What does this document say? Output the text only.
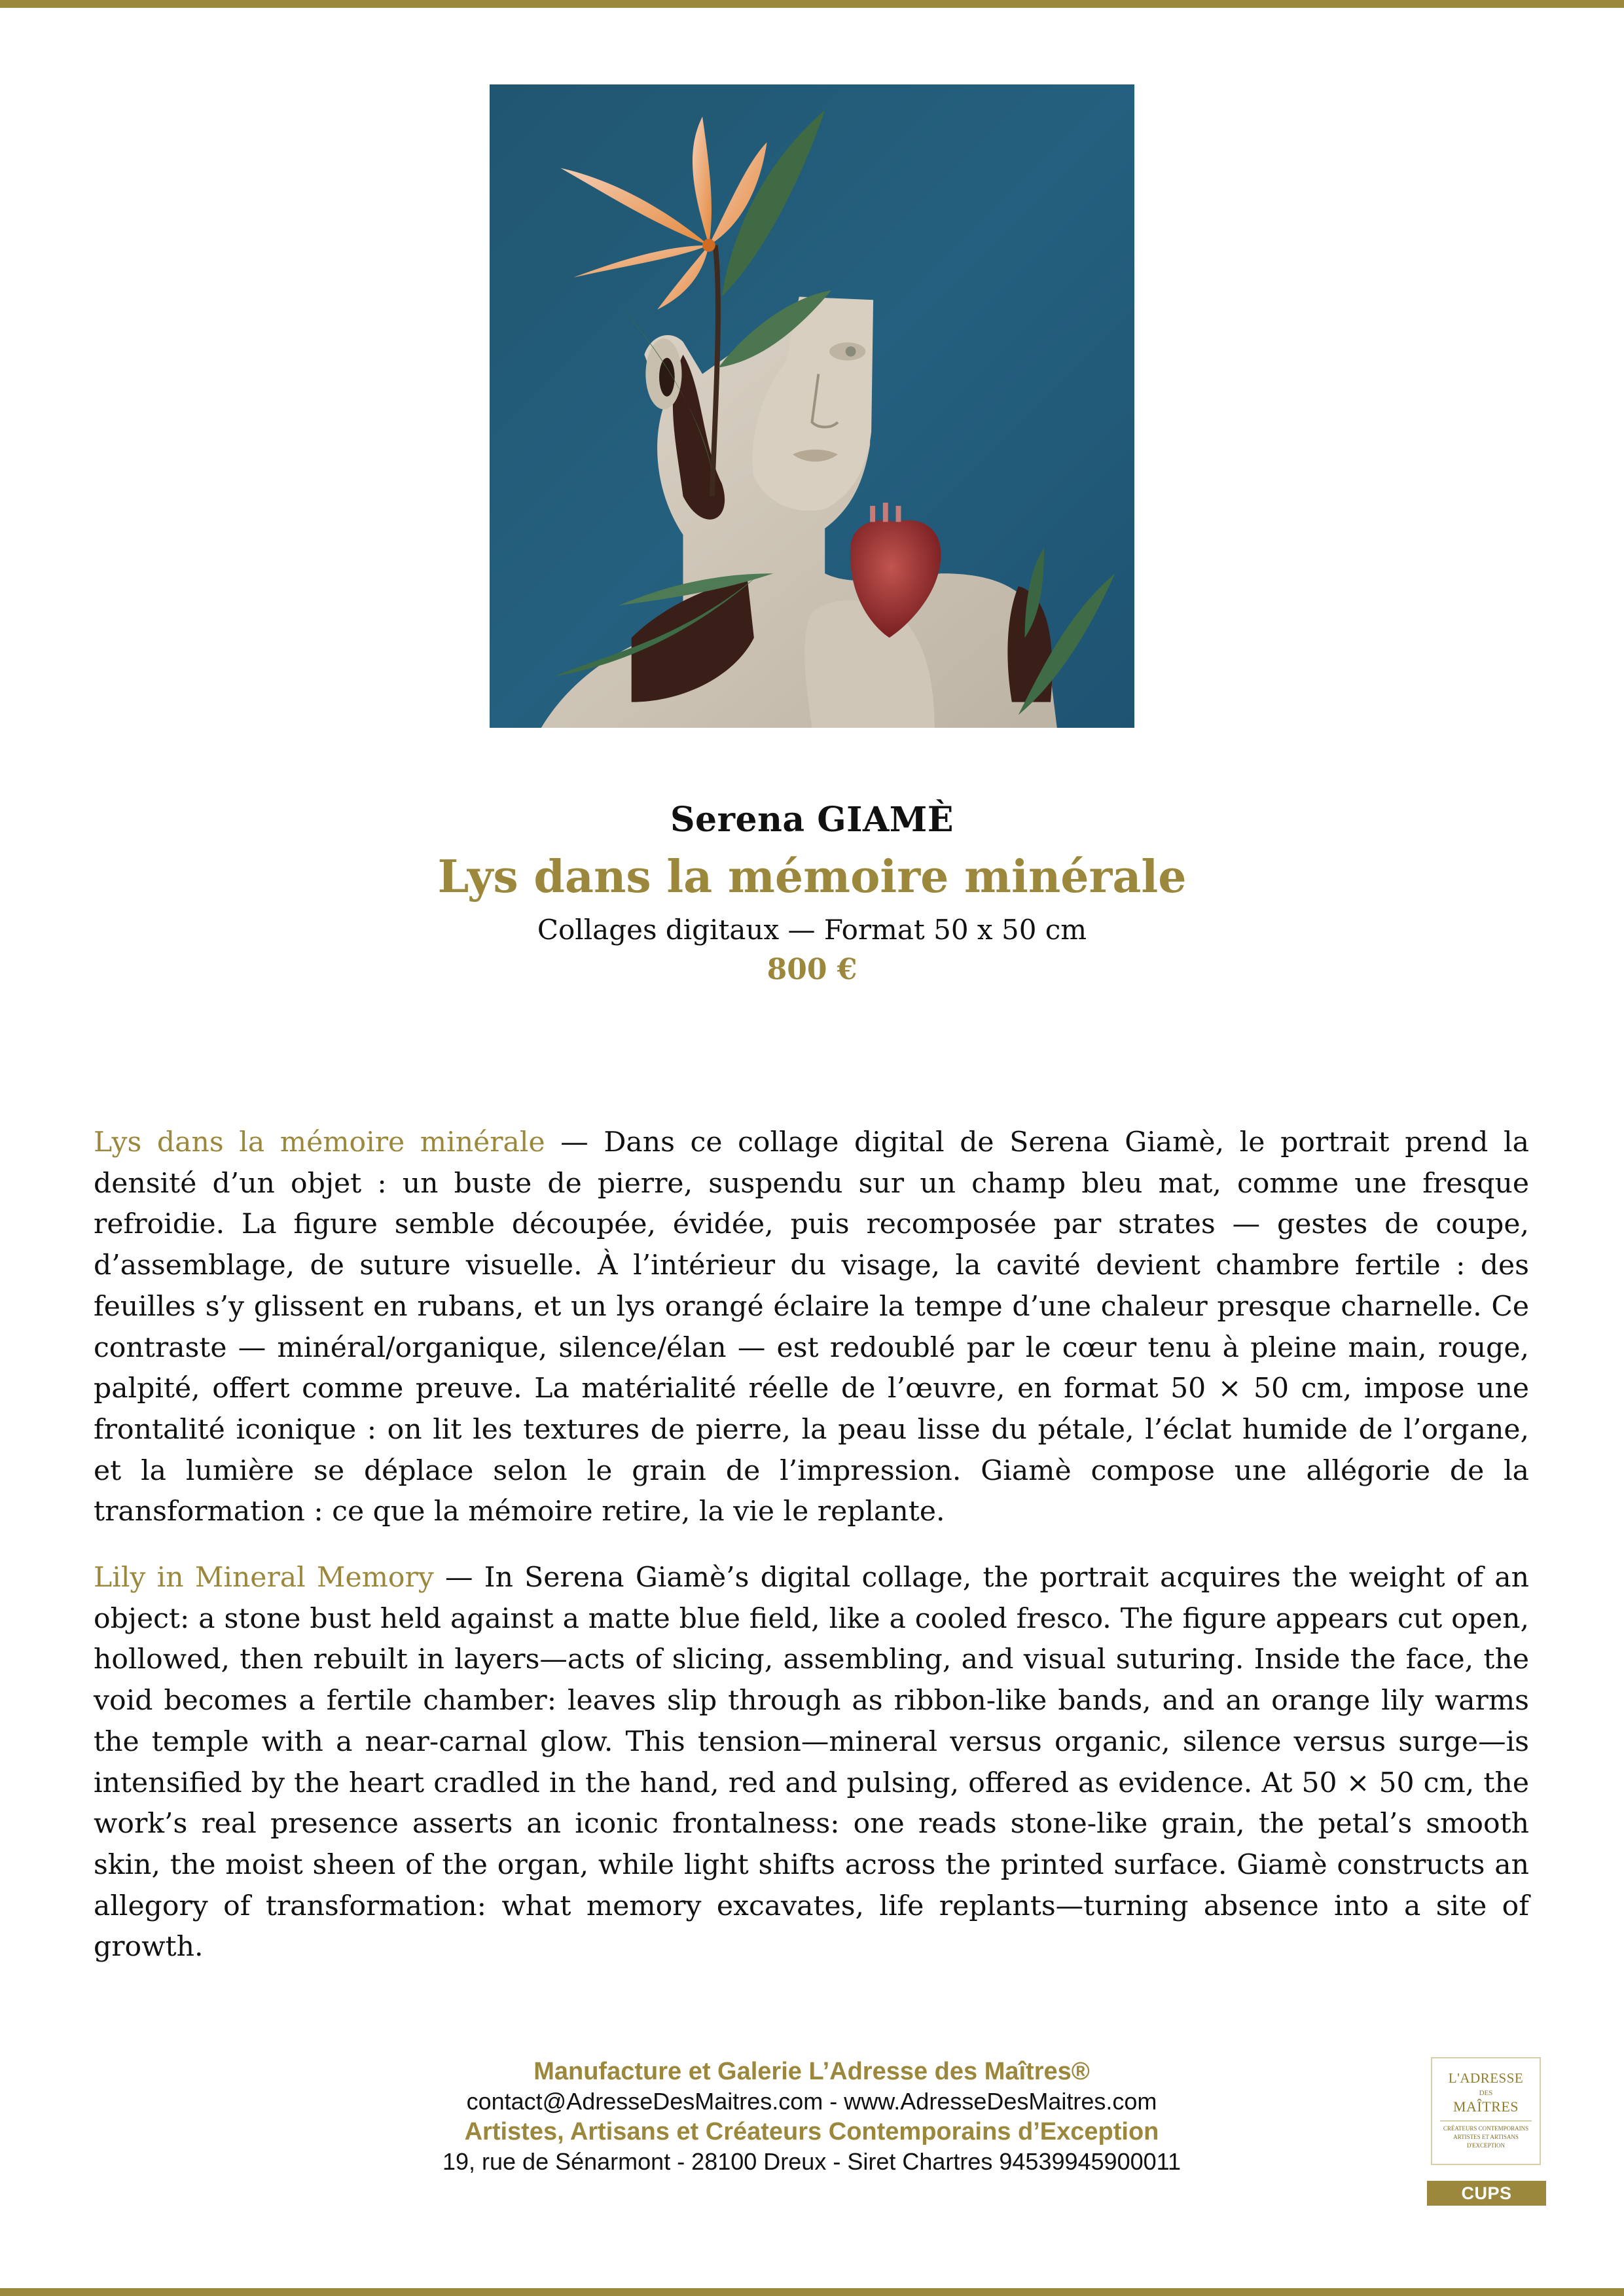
Serena GIAMÈ
Lys dans la mémoire minérale
Collages digitaux — Format 50 x 50 cm
800 €

Lys dans la mémoire minérale — Dans ce collage digital de Serena Giamè, le portrait prend la densité d’un objet : un buste de pierre, suspendu sur un champ bleu mat, comme une fresque refroidie. La figure semble découpée, évidée, puis recomposée par strates — gestes de coupe, d’assemblage, de suture visuelle. À l’intérieur du visage, la cavité devient chambre fertile : des feuilles s’y glissent en rubans, et un lys orangé éclaire la tempe d’une chaleur presque charnelle. Ce contraste — minéral/organique, silence/élan — est redoublé par le cœur tenu à pleine main, rouge, palpité, offert comme preuve. La matérialité réelle de l’œuvre, en format 50 × 50 cm, impose une frontalité iconique : on lit les textures de pierre, la peau lisse du pétale, l’éclat humide de l’organe, et la lumière se déplace selon le grain de l’impression. Giamè compose une allégorie de la transformation : ce que la mémoire retire, la vie le replante.

Lily in Mineral Memory — In Serena Giamè’s digital collage, the portrait acquires the weight of an object: a stone bust held against a matte blue field, like a cooled fresco. The figure appears cut open, hollowed, then rebuilt in layers—acts of slicing, assembling, and visual suturing. Inside the face, the void becomes a fertile chamber: leaves slip through as ribbon-like bands, and an orange lily warms the temple with a near-carnal glow. This tension—mineral versus organic, silence versus surge—is intensified by the heart cradled in the hand, red and pulsing, offered as evidence. At 50 × 50 cm, the work’s real presence asserts an iconic frontalness: one reads stone-like grain, the petal’s smooth skin, the moist sheen of the organ, while light shifts across the printed surface. Giamè constructs an allegory of transformation: what memory excavates, life replants—turning absence into a site of growth.

Manufacture et Galerie L’Adresse des Maîtres®
contact@AdresseDesMaitres.com - www.AdresseDesMaitres.com
Artistes, Artisans et Créateurs Contemporains d’Exception
19, rue de Sénarmont - 28100 Dreux - Siret Chartres 94539945900011
L'ADRESSE
DES
MAÎTRES
CRÉATEURS CONTEMPORAINS
ARTISTES ET ARTISANS
D'EXCEPTION
CUPS
